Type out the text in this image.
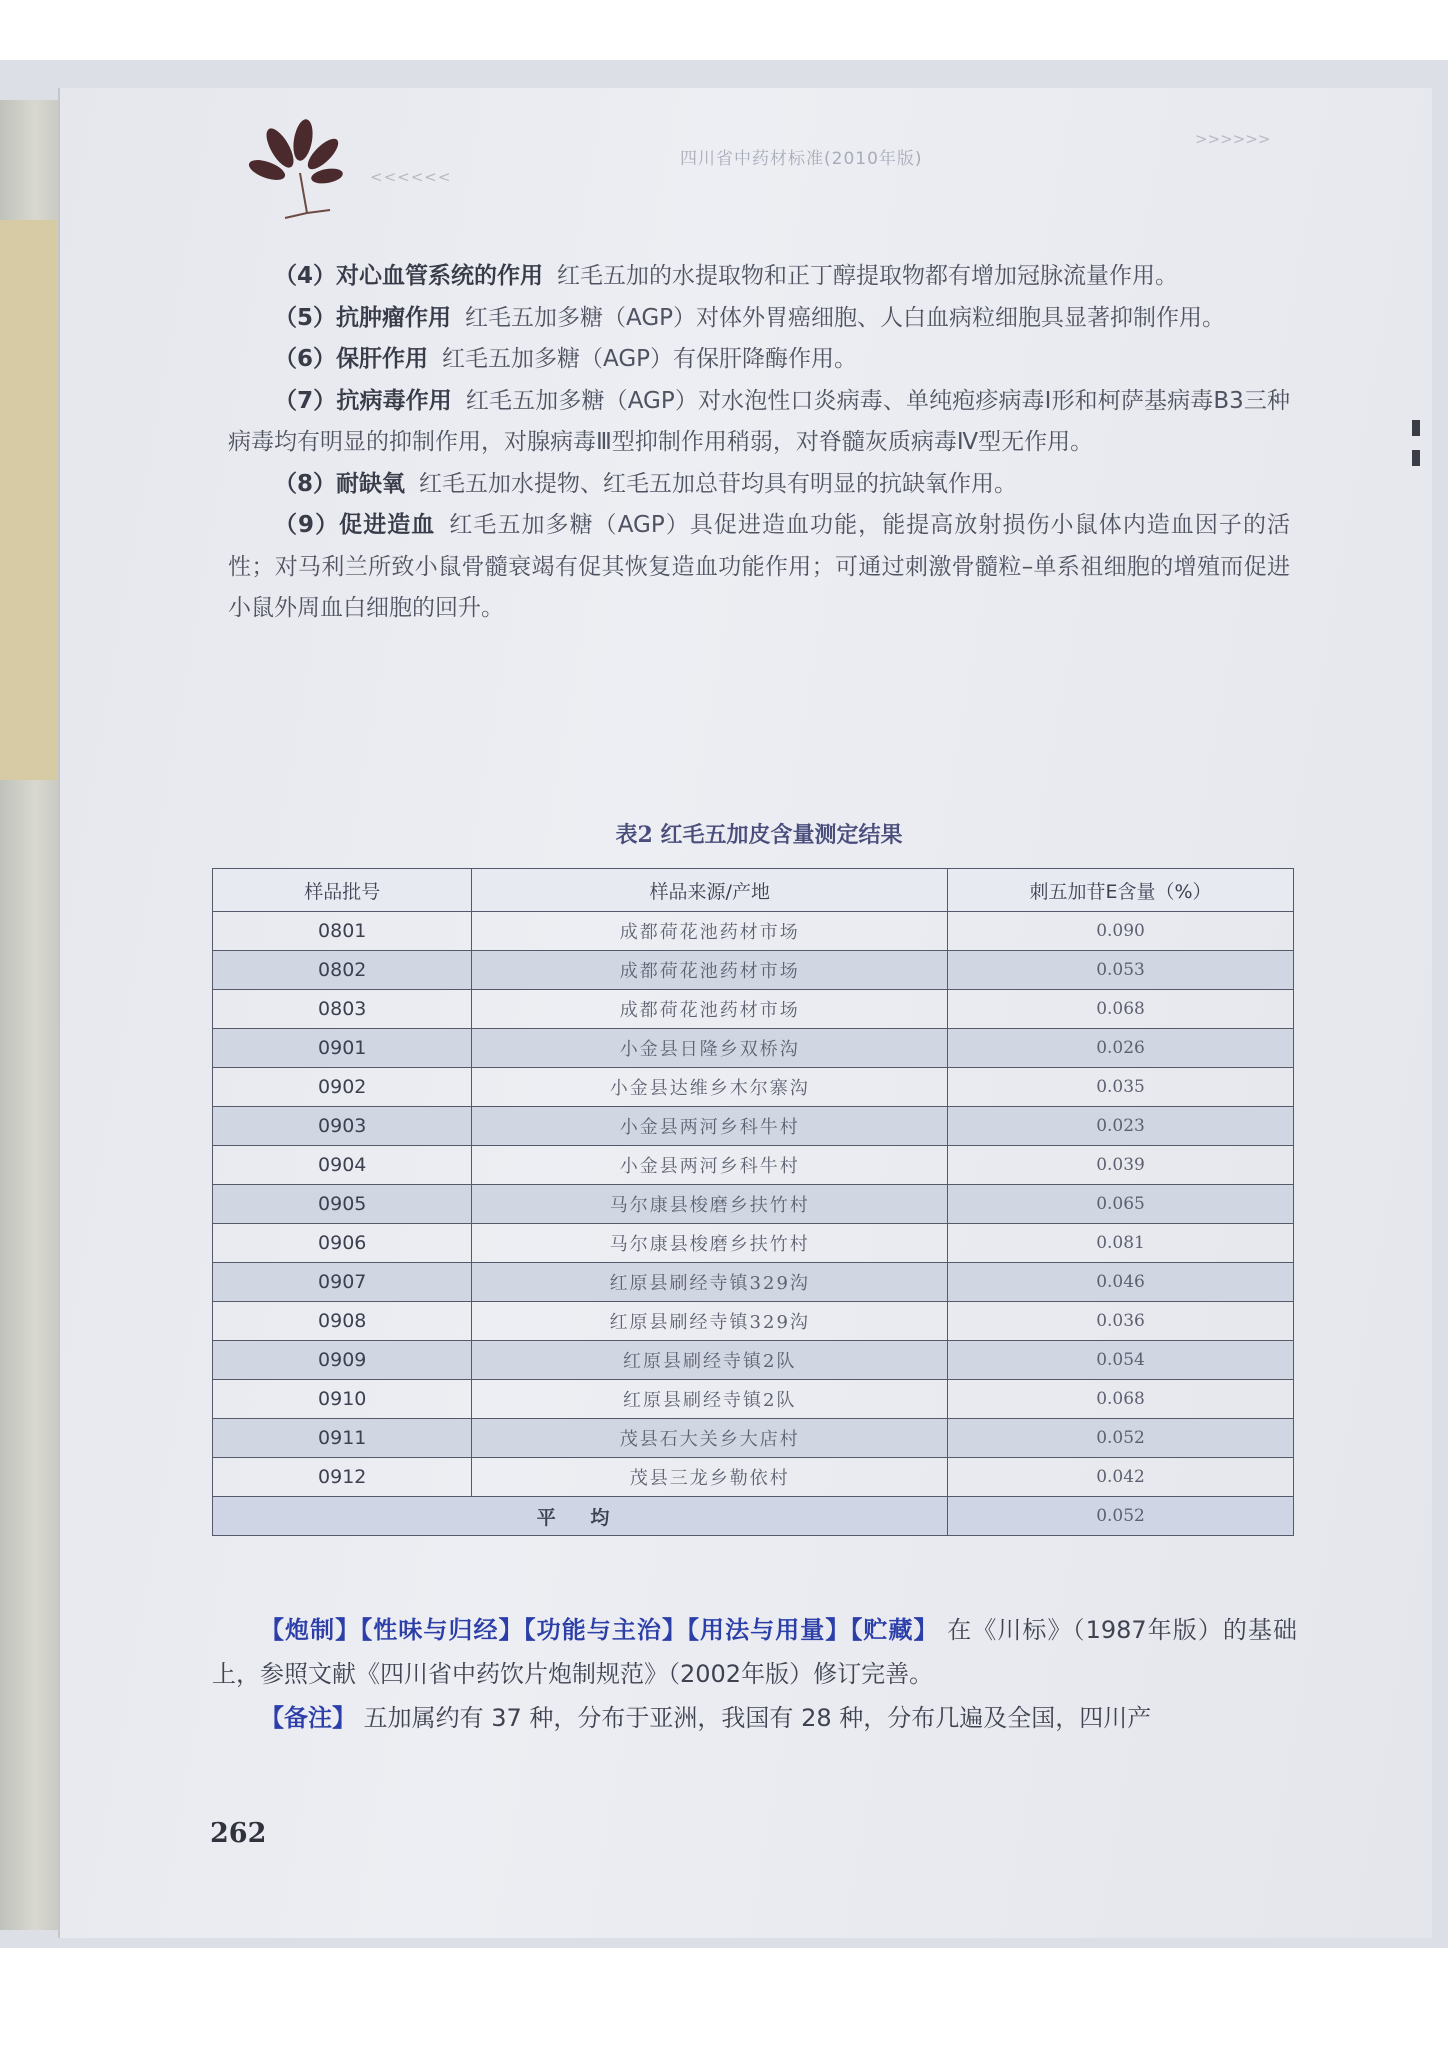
<<<<<<
四川省中药材标准(2010年版)
>>>>>>

（4）对心血管系统的作用 红毛五加的水提取物和正丁醇提取物都有增加冠脉流量作用。

（5）抗肿瘤作用 红毛五加多糖（AGP）对体外胃癌细胞、人白血病粒细胞具显著抑制作用。

（6）保肝作用 红毛五加多糖（AGP）有保肝降酶作用。

（7）抗病毒作用 红毛五加多糖（AGP）对水泡性口炎病毒、单纯疱疹病毒I形和柯萨基病毒B3三种病毒均有明显的抑制作用，对腺病毒Ⅲ型抑制作用稍弱，对脊髓灰质病毒Ⅳ型无作用。

（8）耐缺氧 红毛五加水提物、红毛五加总苷均具有明显的抗缺氧作用。

（9）促进造血 红毛五加多糖（AGP）具促进造血功能，能提高放射损伤小鼠体内造血因子的活性；对马利兰所致小鼠骨髓衰竭有促其恢复造血功能作用；可通过刺激骨髓粒–单系祖细胞的增殖而促进小鼠外周血白细胞的回升。

表2 红毛五加皮含量测定结果
样品批号	样品来源/产地	刺五加苷E含量（%）
0801	成都荷花池药材市场	0.090
0802	成都荷花池药材市场	0.053
0803	成都荷花池药材市场	0.068
0901	小金县日隆乡双桥沟	0.026
0902	小金县达维乡木尔寨沟	0.035
0903	小金县两河乡科牛村	0.023
0904	小金县两河乡科牛村	0.039
0905	马尔康县梭磨乡扶竹村	0.065
0906	马尔康县梭磨乡扶竹村	0.081
0907	红原县刷经寺镇329沟	0.046
0908	红原县刷经寺镇329沟	0.036
0909	红原县刷经寺镇2队	0.054
0910	红原县刷经寺镇2队	0.068
0911	茂县石大关乡大店村	0.052
0912	茂县三龙乡勒依村	0.042
平 均		0.052

【炮制】【性味与归经】【功能与主治】【用法与用量】【贮藏】 在《川标》（1987年版）的基础上，参照文献《四川省中药饮片炮制规范》（2002年版）修订完善。

【备注】 五加属约有 37 种，分布于亚洲，我国有 28 种，分布几遍及全国，四川产

262
